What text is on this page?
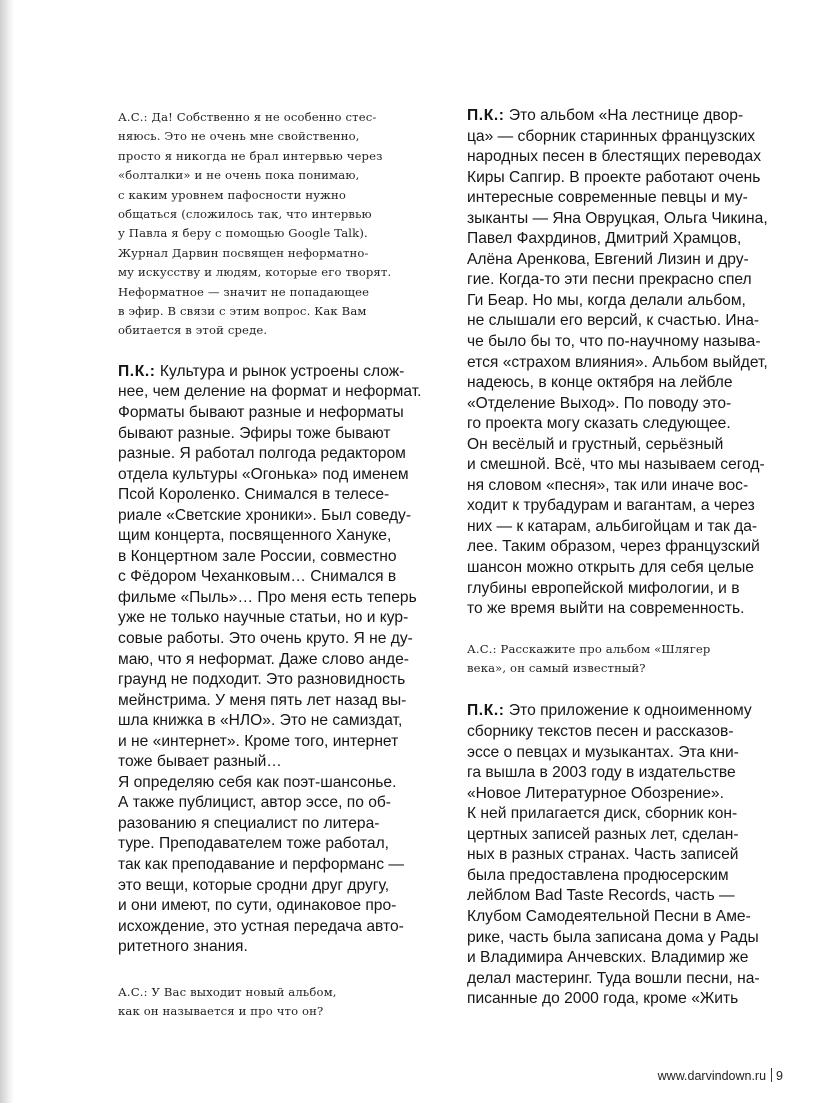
А.С.: Да! Собственно я не особенно стес-
няюсь. Это не очень мне свойственно,
просто я никогда не брал интервью через
«болталки» и не очень пока понимаю,
с каким уровнем пафосности нужно
общаться (сложилось так, что интервью
у Павла я беру с помощью Google Talk).
Журнал Дарвин посвящен неформатно-
му искусству и людям, которые его творят.
Неформатное — значит не попадающее
в эфир. В связи с этим вопрос. Как Вам
обитается в этой среде.

П.К.: Культура и рынок устроены слож-
нее, чем деление на формат и неформат.
Форматы бывают разные и неформаты
бывают разные. Эфиры тоже бывают
разные. Я работал полгода редактором
отдела культуры «Огонька» под именем
Псой Короленко. Снимался в телесе-
риале «Светские хроники». Был соведу-
щим концерта, посвященного Ханукe,
в Концертном зале России, совместно
с Фёдором Чеханковым… Снимался в
фильме «Пыль»… Про меня есть теперь
уже не только научные статьи, но и кур-
совые работы. Это очень круто. Я не ду-
маю, что я неформат. Даже слово анде-
граунд не подходит. Это разновидность
мейнстрима. У меня пять лет назад вы-
шла книжка в «НЛО». Это не самиздат,
и не «интернет». Кроме того, интернет
тоже бывает разный…
Я определяю себя как поэт-шансонье.
А также публицист, автор эссе, по об-
разованию я специалист по литера-
туре. Преподавателем тоже работал,
так как преподавание и перформанс —
это вещи, которые сродни друг другу,
и они имеют, по сути, одинаковое про-
исхождение, это устная передача авто-
ритетного знания.

А.С.: У Вас выходит новый альбом,
как он называется и про что он?

П.К.: Это альбом «На лестнице двор-
ца» — сборник старинных французских
народных песен в блестящих переводах
Киры Сапгир. В проекте работают очень
интересные современные певцы и му-
зыканты — Яна Овруцкая, Ольга Чикина,
Павел Фахрдинов, Дмитрий Храмцов,
Алёна Аренкова, Евгений Лизин и дру-
гие. Когда-то эти песни прекрасно спел
Ги Беар. Но мы, когда делали альбом,
не слышали его версий, к счастью. Ина-
че было бы то, что по-научному называ-
ется «страхом влияния». Альбом выйдет,
надеюсь, в конце октября на лейбле
«Отделение Выход». По поводу это-
го проекта могу сказать следующее.
Он весёлый и грустный, серьёзный
и смешной. Всё, что мы называем сегод-
ня словом «песня», так или иначе вос-
ходит к трубадурам и вагантам, а через
них — к катарам, альбигойцам и так да-
лее. Таким образом, через французский
шансон можно открыть для себя целые
глубины европейской мифологии, и в
то же время выйти на современность.

А.С.: Расскажите про альбом «Шлягер
века», он самый известный?

П.К.: Это приложение к одноименному
сборнику текстов песен и рассказов-
эссе о певцах и музыкантах. Эта кни-
га вышла в 2003 году в издательстве
«Новое Литературное Обозрение».
К ней прилагается диск, сборник кон-
цертных записей разных лет, сделан-
ных в разных странах. Часть записей
была предоставлена продюсерским
лейблом Bad Taste Records, часть —
Клубом Самодеятельной Песни в Аме-
рике, часть была записана дома у Рады
и Владимира Анчевских. Владимир же
делал мастеринг. Туда вошли песни, на-
писанные до 2000 года, кроме «Жить

www.darvindown.ru 9
